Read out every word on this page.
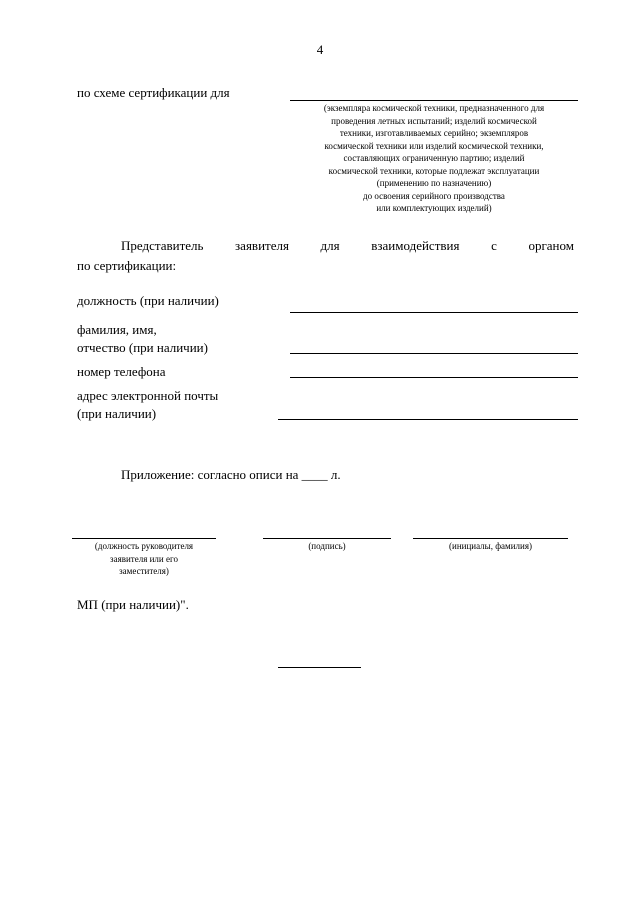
4
по схеме сертификации для
(экземпляра космической техники, предназначенного для
проведения летных испытаний; изделий космической
техники, изготавливаемых серийно; экземпляров
космической техники или изделий космической техники,
составляющих ограниченную партию; изделий
космической техники, которые подлежат эксплуатации
(применению по назначению)
до освоения серийного производства
или комплектующих изделий)
Представитель заявителя для взаимодействия с органом
по сертификации:
должность (при наличии)
фамилия, имя,
отчество (при наличии)
номер телефона
адрес электронной почты
(при наличии)
Приложение: согласно описи на ____ л.
(должность руководителя
заявителя или его
заместителя)
(подпись)	(инициалы, фамилия)
МП (при наличии)".
